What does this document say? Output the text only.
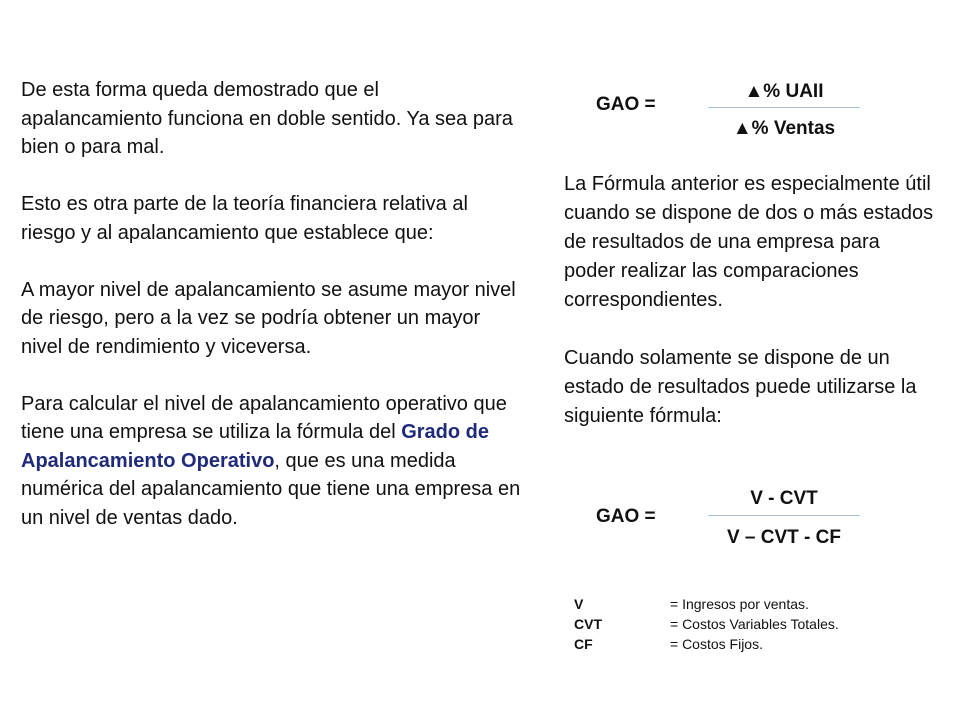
De esta forma queda demostrado que el apalancamiento funciona en doble sentido. Ya sea para bien o para mal.

Esto es otra parte de la teoría financiera relativa al riesgo y al apalancamiento que establece que:

A mayor nivel de apalancamiento se asume mayor nivel de riesgo, pero a la vez se podría obtener un mayor nivel de rendimiento y viceversa.

Para calcular el nivel de apalancamiento operativo que tiene una empresa se utiliza la fórmula del Grado de Apalancamiento Operativo, que es una medida numérica del apalancamiento que tiene una empresa en un nivel de ventas dado.

GAO =
▲% UAII
▲% Ventas

La Fórmula anterior es especialmente útil cuando se dispone de dos o más estados de resultados de una empresa para poder realizar las comparaciones correspondientes.

Cuando solamente se dispone de un estado de resultados puede utilizarse la siguiente fórmula:

GAO =
V - CVT
V – CVT - CF
V	= Ingresos por ventas.
CVT	= Costos Variables Totales.
CF	= Costos Fijos.
